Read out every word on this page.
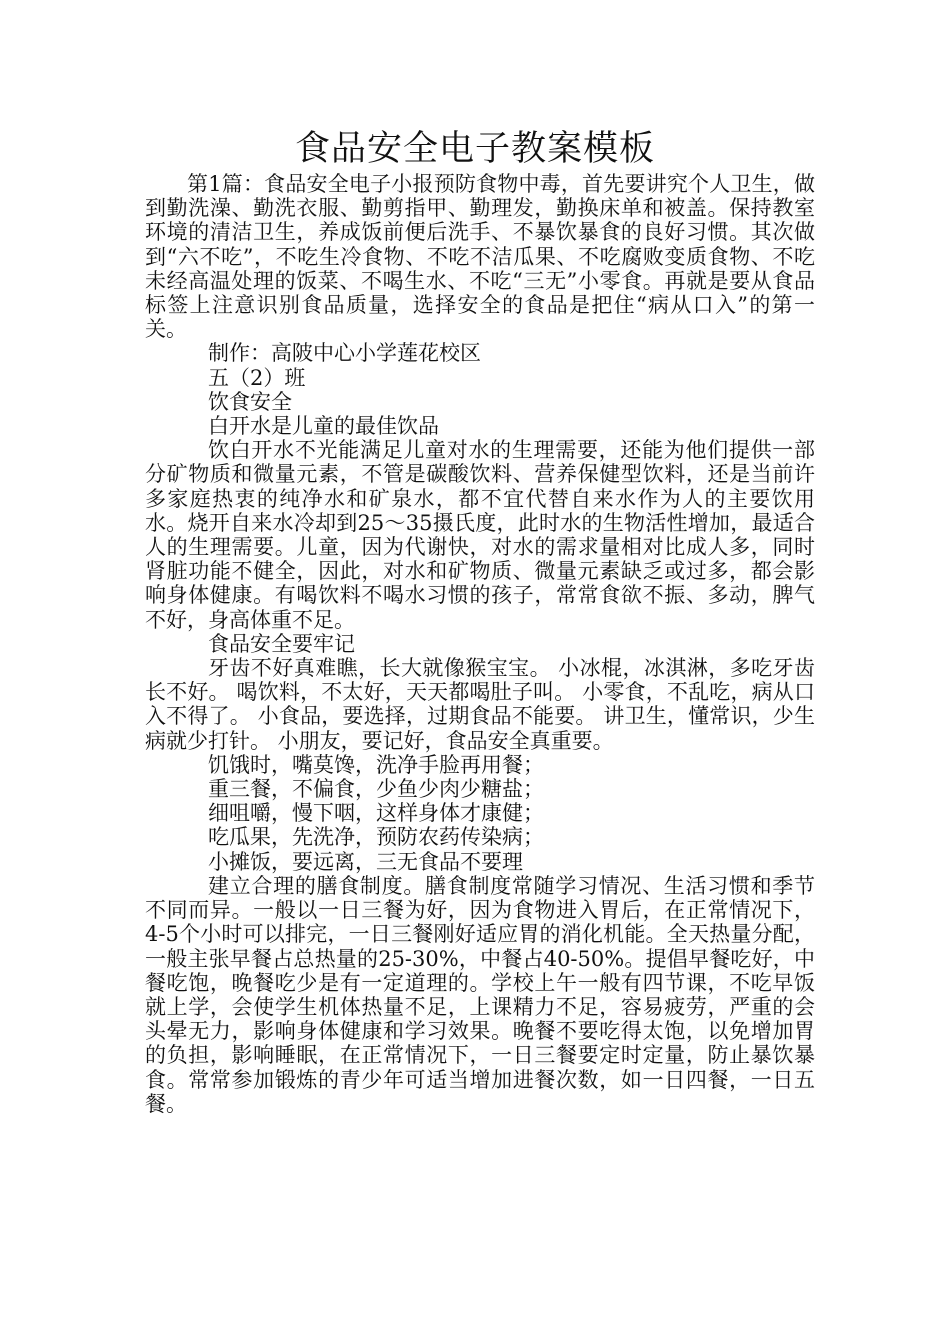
食品安全电子教案模板

第1篇：食品安全电子小报预防食物中毒，首先要讲究个人卫生，做到勤洗澡、勤洗衣服、勤剪指甲、勤理发，勤换床单和被盖。保持教室环境的清洁卫生，养成饭前便后洗手、不暴饮暴食的良好习惯。其次做到“六不吃”，不吃生冷食物、不吃不洁瓜果、不吃腐败变质食物、不吃未经高温处理的饭菜、不喝生水、不吃“三无”小零食。再就是要从食品标签上注意识别食品质量，选择安全的食品是把住“病从口入”的第一关。

制作：高陂中心小学莲花校区

五（2）班

饮食安全

白开水是儿童的最佳饮品

饮白开水不光能满足儿童对水的生理需要，还能为他们提供一部分矿物质和微量元素，不管是碳酸饮料、营养保健型饮料，还是当前许多家庭热衷的纯净水和矿泉水，都不宜代替自来水作为人的主要饮用水。烧开自来水冷却到25～35摄氏度，此时水的生物活性增加，最适合人的生理需要。儿童，因为代谢快，对水的需求量相对比成人多，同时肾脏功能不健全，因此，对水和矿物质、微量元素缺乏或过多，都会影响身体健康。有喝饮料不喝水习惯的孩子，常常食欲不振、多动，脾气不好，身高体重不足。

食品安全要牢记

牙齿不好真难瞧，长大就像猴宝宝。 小冰棍，冰淇淋，多吃牙齿长不好。 喝饮料，不太好，天天都喝肚子叫。 小零食，不乱吃，病从口入不得了。 小食品，要选择，过期食品不能要。 讲卫生，懂常识，少生病就少打针。 小朋友，要记好，食品安全真重要。

饥饿时，嘴莫馋，洗净手脸再用餐；

重三餐，不偏食，少鱼少肉少糖盐；

细咀嚼，慢下咽，这样身体才康健；

吃瓜果，先洗净，预防农药传染病；

小摊饭，要远离，三无食品不要理

建立合理的膳食制度。膳食制度常随学习情况、生活习惯和季节不同而异。一般以一日三餐为好，因为食物进入胃后，在正常情况下，4-5个小时可以排完，一日三餐刚好适应胃的消化机能。全天热量分配，一般主张早餐占总热量的25-30%，中餐占40-50%。提倡早餐吃好，中餐吃饱，晚餐吃少是有一定道理的。学校上午一般有四节课，不吃早饭就上学，会使学生机体热量不足，上课精力不足，容易疲劳，严重的会头晕无力，影响身体健康和学习效果。晚餐不要吃得太饱，以免增加胃的负担，影响睡眠，在正常情况下，一日三餐要定时定量，防止暴饮暴食。常常参加锻炼的青少年可适当增加进餐次数，如一日四餐，一日五餐。
